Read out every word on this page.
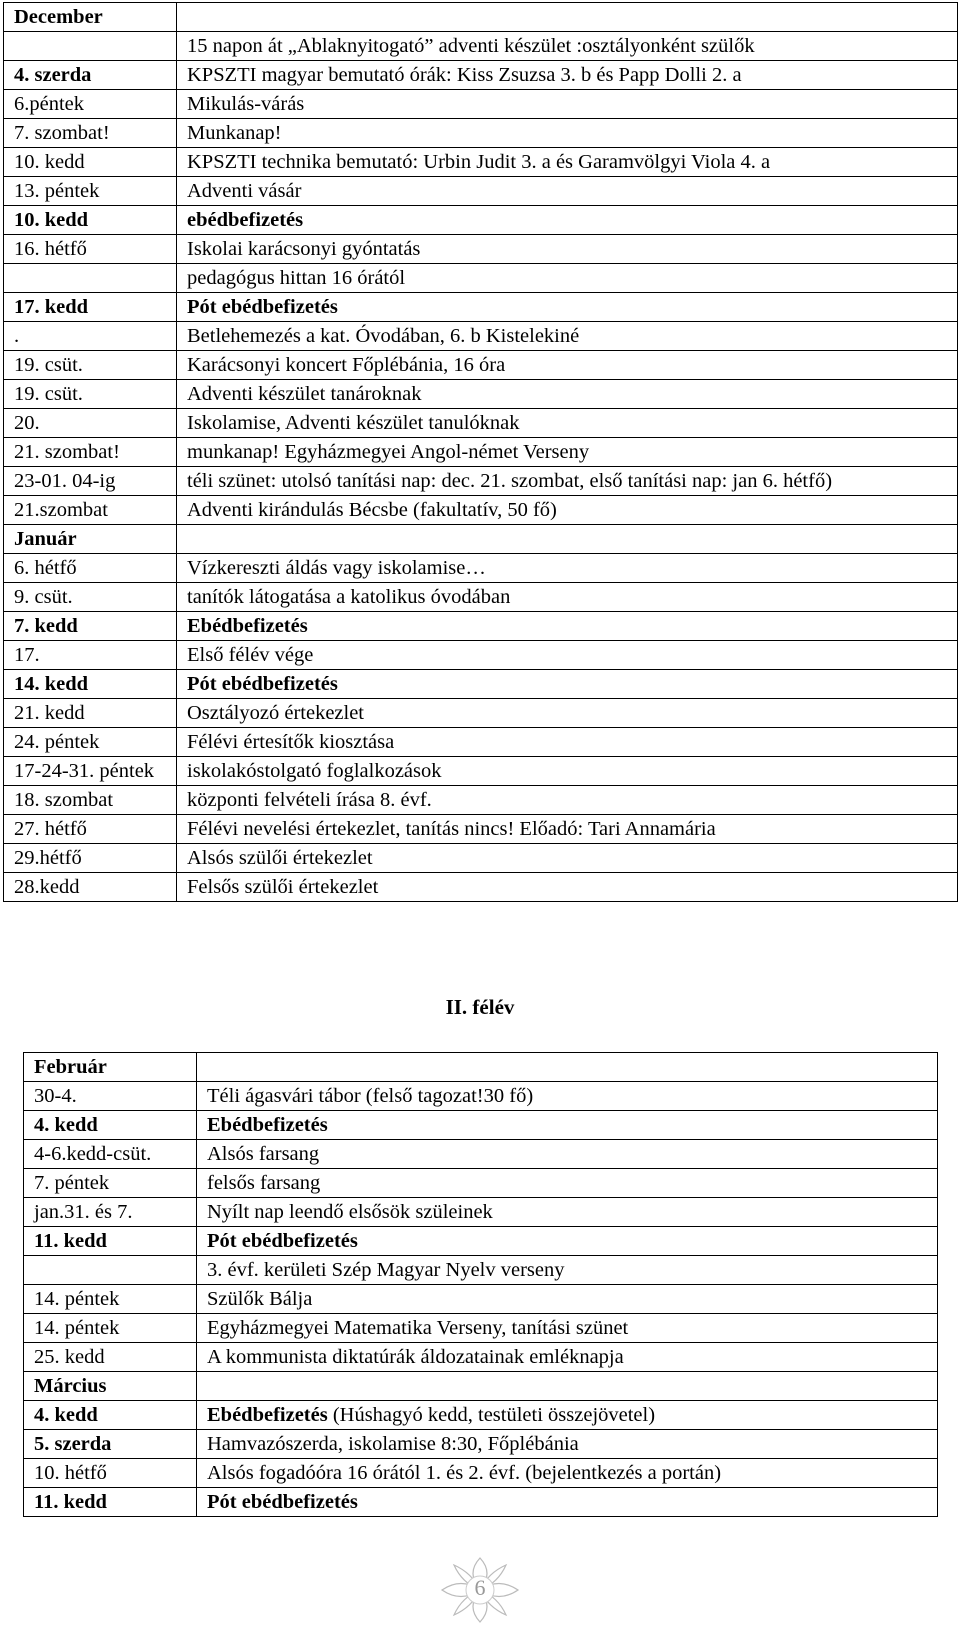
December	
	15 napon át „Ablaknyitogató” adventi készület :osztályonként szülők
4. szerda	KPSZTI magyar bemutató órák: Kiss Zsuzsa 3. b és Papp Dolli 2. a
6.péntek	Mikulás-várás
7. szombat!	Munkanap!
10. kedd	KPSZTI technika bemutató: Urbin Judit 3. a és Garamvölgyi Viola 4. a
13. péntek	Adventi vásár
10. kedd	ebédbefizetés
16. hétfő	Iskolai karácsonyi gyóntatás
	pedagógus hittan 16 órától
17. kedd	Pót ebédbefizetés
.	Betlehemezés a kat. Óvodában, 6. b Kistelekiné
19. csüt.	Karácsonyi koncert Főplébánia, 16 óra
19. csüt.	Adventi készület tanároknak
20.	Iskolamise, Adventi készület tanulóknak
21. szombat!	munkanap! Egyházmegyei Angol-német Verseny
23-01. 04-ig	téli szünet: utolsó tanítási nap: dec. 21. szombat, első tanítási nap: jan 6. hétfő)
21.szombat	Adventi kirándulás Bécsbe (fakultatív, 50 fő)
Január	
6. hétfő	Vízkereszti áldás vagy iskolamise…
9. csüt.	tanítók látogatása a katolikus óvodában
7. kedd	Ebédbefizetés
17.	Első félév vége
14. kedd	Pót ebédbefizetés
21. kedd	Osztályozó értekezlet
24. péntek	Félévi értesítők kiosztása
17-24-31. péntek	iskolakóstolgató foglalkozások
18. szombat	központi felvételi írása 8. évf.
27. hétfő	Félévi nevelési értekezlet, tanítás nincs! Előadó: Tari Annamária
29.hétfő	Alsós szülői értekezlet
28.kedd	Felsős szülői értekezlet
II. félév
Február	
30-4.	Téli ágasvári tábor (felső tagozat!30 fő)
4. kedd	Ebédbefizetés
4-6.kedd-csüt.	Alsós farsang
7. péntek	felsős farsang
jan.31. és 7.	Nyílt nap leendő elsősök szüleinek
11. kedd	Pót ebédbefizetés
	3. évf. kerületi Szép Magyar Nyelv verseny
14. péntek	Szülők Bálja
14. péntek	Egyházmegyei Matematika Verseny, tanítási szünet
25. kedd	A kommunista diktatúrák áldozatainak emléknapja
Március	
4. kedd	Ebédbefizetés (Húshagyó kedd, testületi összejövetel)
5. szerda	Hamvazószerda, iskolamise 8:30, Főplébánia
10. hétfő	Alsós fogadóóra 16 órától 1. és 2. évf. (bejelentkezés a portán)
11. kedd	Pót ebédbefizetés
6
